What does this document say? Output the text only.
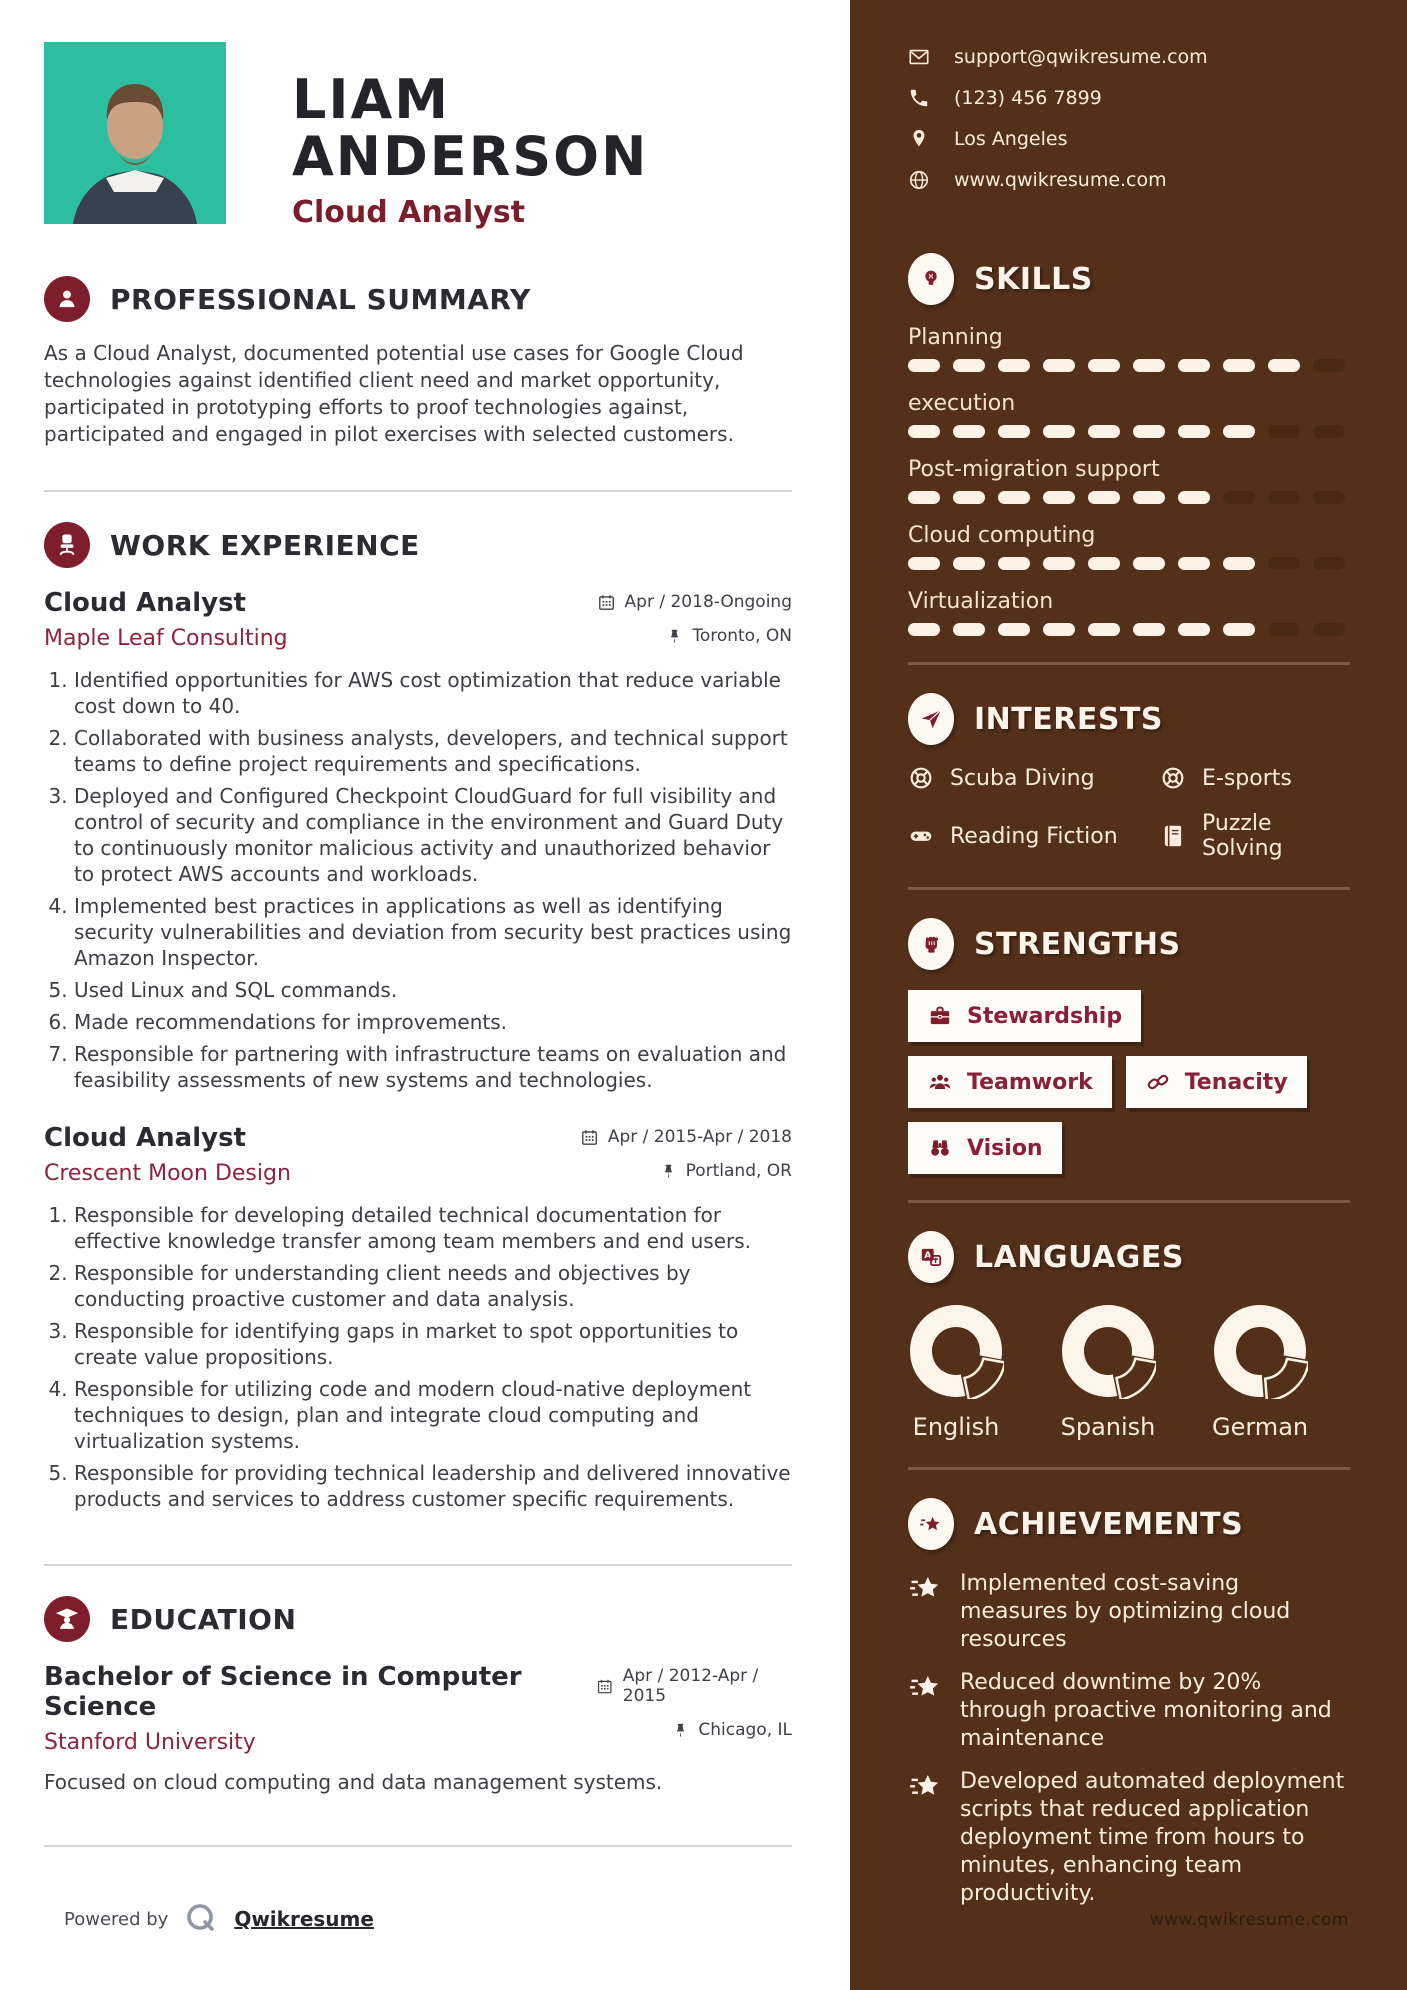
LIAM ANDERSON
Cloud Analyst
PROFESSIONAL SUMMARY
As a Cloud Analyst, documented potential use cases for Google Cloud technologies against identified client need and market opportunity, participated in prototyping efforts to proof technologies against, participated and engaged in pilot exercises with selected customers.
WORK EXPERIENCE
Cloud Analyst
Maple Leaf Consulting
Apr / 2018-Ongoing
Toronto, ON
1. Identified opportunities for AWS cost optimization that reduce variable cost down to 40.
2. Collaborated with business analysts, developers, and technical support teams to define project requirements and specifications.
3. Deployed and Configured Checkpoint CloudGuard for full visibility and control of security and compliance in the environment and Guard Duty to continuously monitor malicious activity and unauthorized behavior to protect AWS accounts and workloads.
4. Implemented best practices in applications as well as identifying security vulnerabilities and deviation from security best practices using Amazon Inspector.
5. Used Linux and SQL commands.
6. Made recommendations for improvements.
7. Responsible for partnering with infrastructure teams on evaluation and feasibility assessments of new systems and technologies.
Cloud Analyst
Crescent Moon Design
Apr / 2015-Apr / 2018
Portland, OR
1. Responsible for developing detailed technical documentation for effective knowledge transfer among team members and end users.
2. Responsible for understanding client needs and objectives by conducting proactive customer and data analysis.
3. Responsible for identifying gaps in market to spot opportunities to create value propositions.
4. Responsible for utilizing code and modern cloud-native deployment techniques to design, plan and integrate cloud computing and virtualization systems.
5. Responsible for providing technical leadership and delivered innovative products and services to address customer specific requirements.
EDUCATION
Bachelor of Science in Computer Science
Stanford University
Apr / 2012-Apr / 2015
Chicago, IL
Focused on cloud computing and data management systems.
Powered by	Qwikresume
support@qwikresume.com
(123) 456 7899
Los Angeles
www.qwikresume.com
SKILLS
Planning
execution
Post-migration support
Cloud computing
Virtualization
INTERESTS
Scuba Diving	E-sports
Reading Fiction	Puzzle Solving
STRENGTHS
Stewardship
Teamwork	Tenacity
Vision
A LANGUAGES
English	Spanish German
ACHIEVEMENTS
Implemented cost-saving measures by optimizing cloud resources
Reduced downtime by 20% through proactive monitoring and maintenance
Developed automated deployment scripts that reduced application deployment time from hours to minutes, enhancing team productivity.
www.qwikresume.com
